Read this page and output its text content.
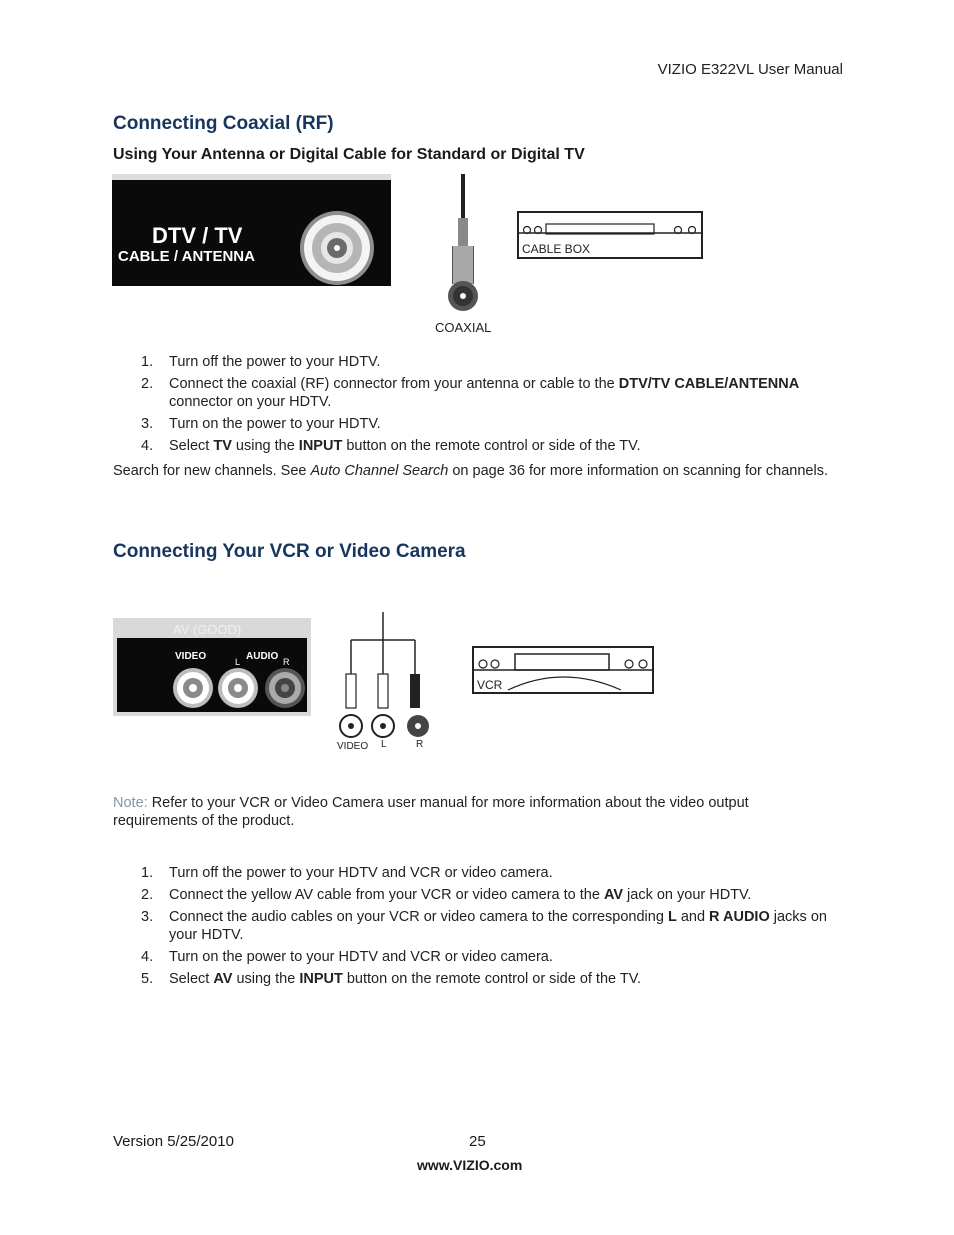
VIZIO E322VL User Manual
Connecting Coaxial (RF)
Using Your Antenna or Digital Cable for Standard or Digital TV
DTV / TV
CABLE / ANTENNA
COAXIAL
CABLE BOX
1. Turn off the power to your HDTV.
2. Connect the coaxial (RF) connector from your antenna or cable to the DTV/TV CABLE/ANTENNA connector on your HDTV.
3. Turn on the power to your HDTV.
4. Select TV using the INPUT button on the remote control or side of the TV.
Search for new channels. See Auto Channel Search on page 36 for more information on scanning for channels.
Connecting Your VCR or Video Camera
AV (GOOD)
VIDEO	AUDIO
L	R
VIDEO L	R
VCR
Note: Refer to your VCR or Video Camera user manual for more information about the video output requirements of the product.
1. Turn off the power to your HDTV and VCR or video camera.
2. Connect the yellow AV cable from your VCR or video camera to the AV jack on your HDTV.
3. Connect the audio cables on your VCR or video camera to the corresponding L and R AUDIO jacks on your HDTV.
4. Turn on the power to your HDTV and VCR or video camera.
5. Select AV using the INPUT button on the remote control or side of the TV.
Version 5/25/2010	25
www.VIZIO.com
